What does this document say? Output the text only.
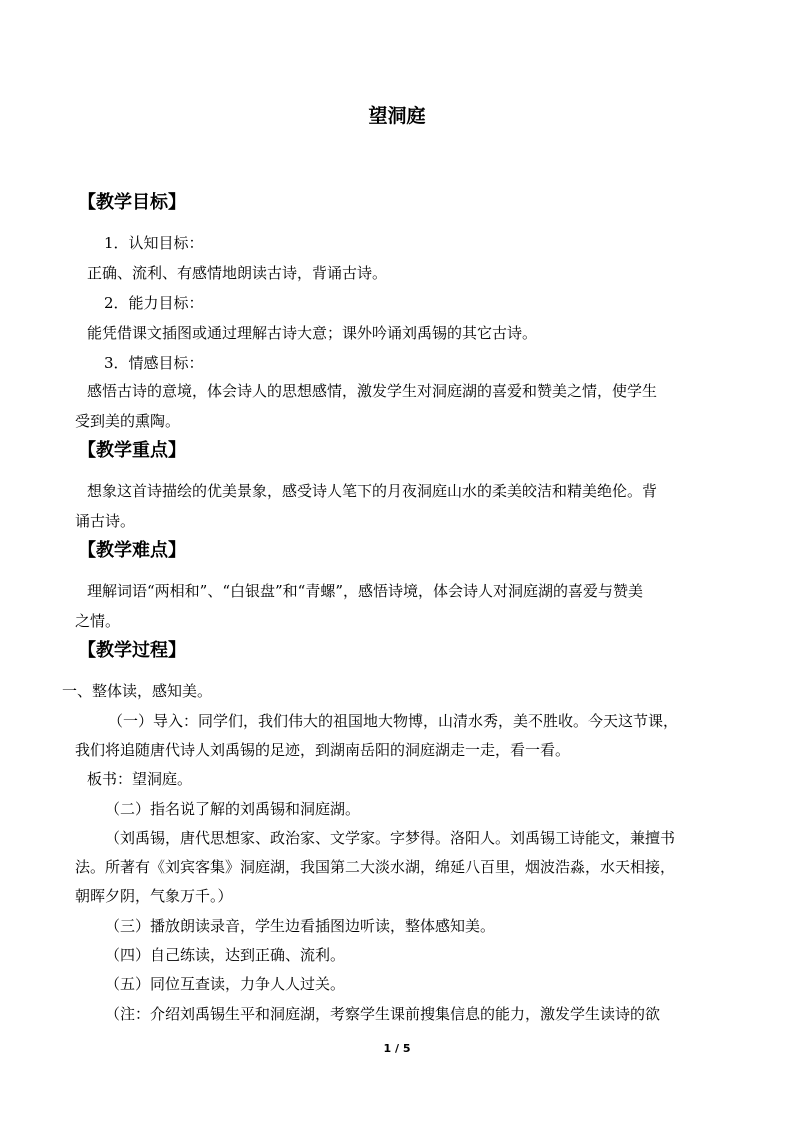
望洞庭
【教学目标】
1．认知目标：
正确、流利、有感情地朗读古诗，背诵古诗。
2．能力目标：
能凭借课文插图或通过理解古诗大意；课外吟诵刘禹锡的其它古诗。
3．情感目标：
感悟古诗的意境，体会诗人的思想感情，激发学生对洞庭湖的喜爱和赞美之情，使学生
受到美的熏陶。
【教学重点】
想象这首诗描绘的优美景象，感受诗人笔下的月夜洞庭山水的柔美皎洁和精美绝伦。背
诵古诗。
【教学难点】
理解词语“两相和”、“白银盘”和“青螺”，感悟诗境，体会诗人对洞庭湖的喜爱与赞美
之情。
【教学过程】
一、整体读，感知美。
（一）导入：同学们，我们伟大的祖国地大物博，山清水秀，美不胜收。今天这节课，
我们将追随唐代诗人刘禹锡的足迹，到湖南岳阳的洞庭湖走一走，看一看。
板书：望洞庭。
（二）指名说了解的刘禹锡和洞庭湖。
（刘禹锡，唐代思想家、政治家、文学家。字梦得。洛阳人。刘禹锡工诗能文，兼擅书
法。所著有《刘宾客集》洞庭湖，我国第二大淡水湖，绵延八百里，烟波浩淼，水天相接，
朝晖夕阴，气象万千。）
（三）播放朗读录音，学生边看插图边听读，整体感知美。
（四）自己练读，达到正确、流利。
（五）同位互查读，力争人人过关。
（注：介绍刘禹锡生平和洞庭湖，考察学生课前搜集信息的能力，激发学生读诗的欲
1 / 5
